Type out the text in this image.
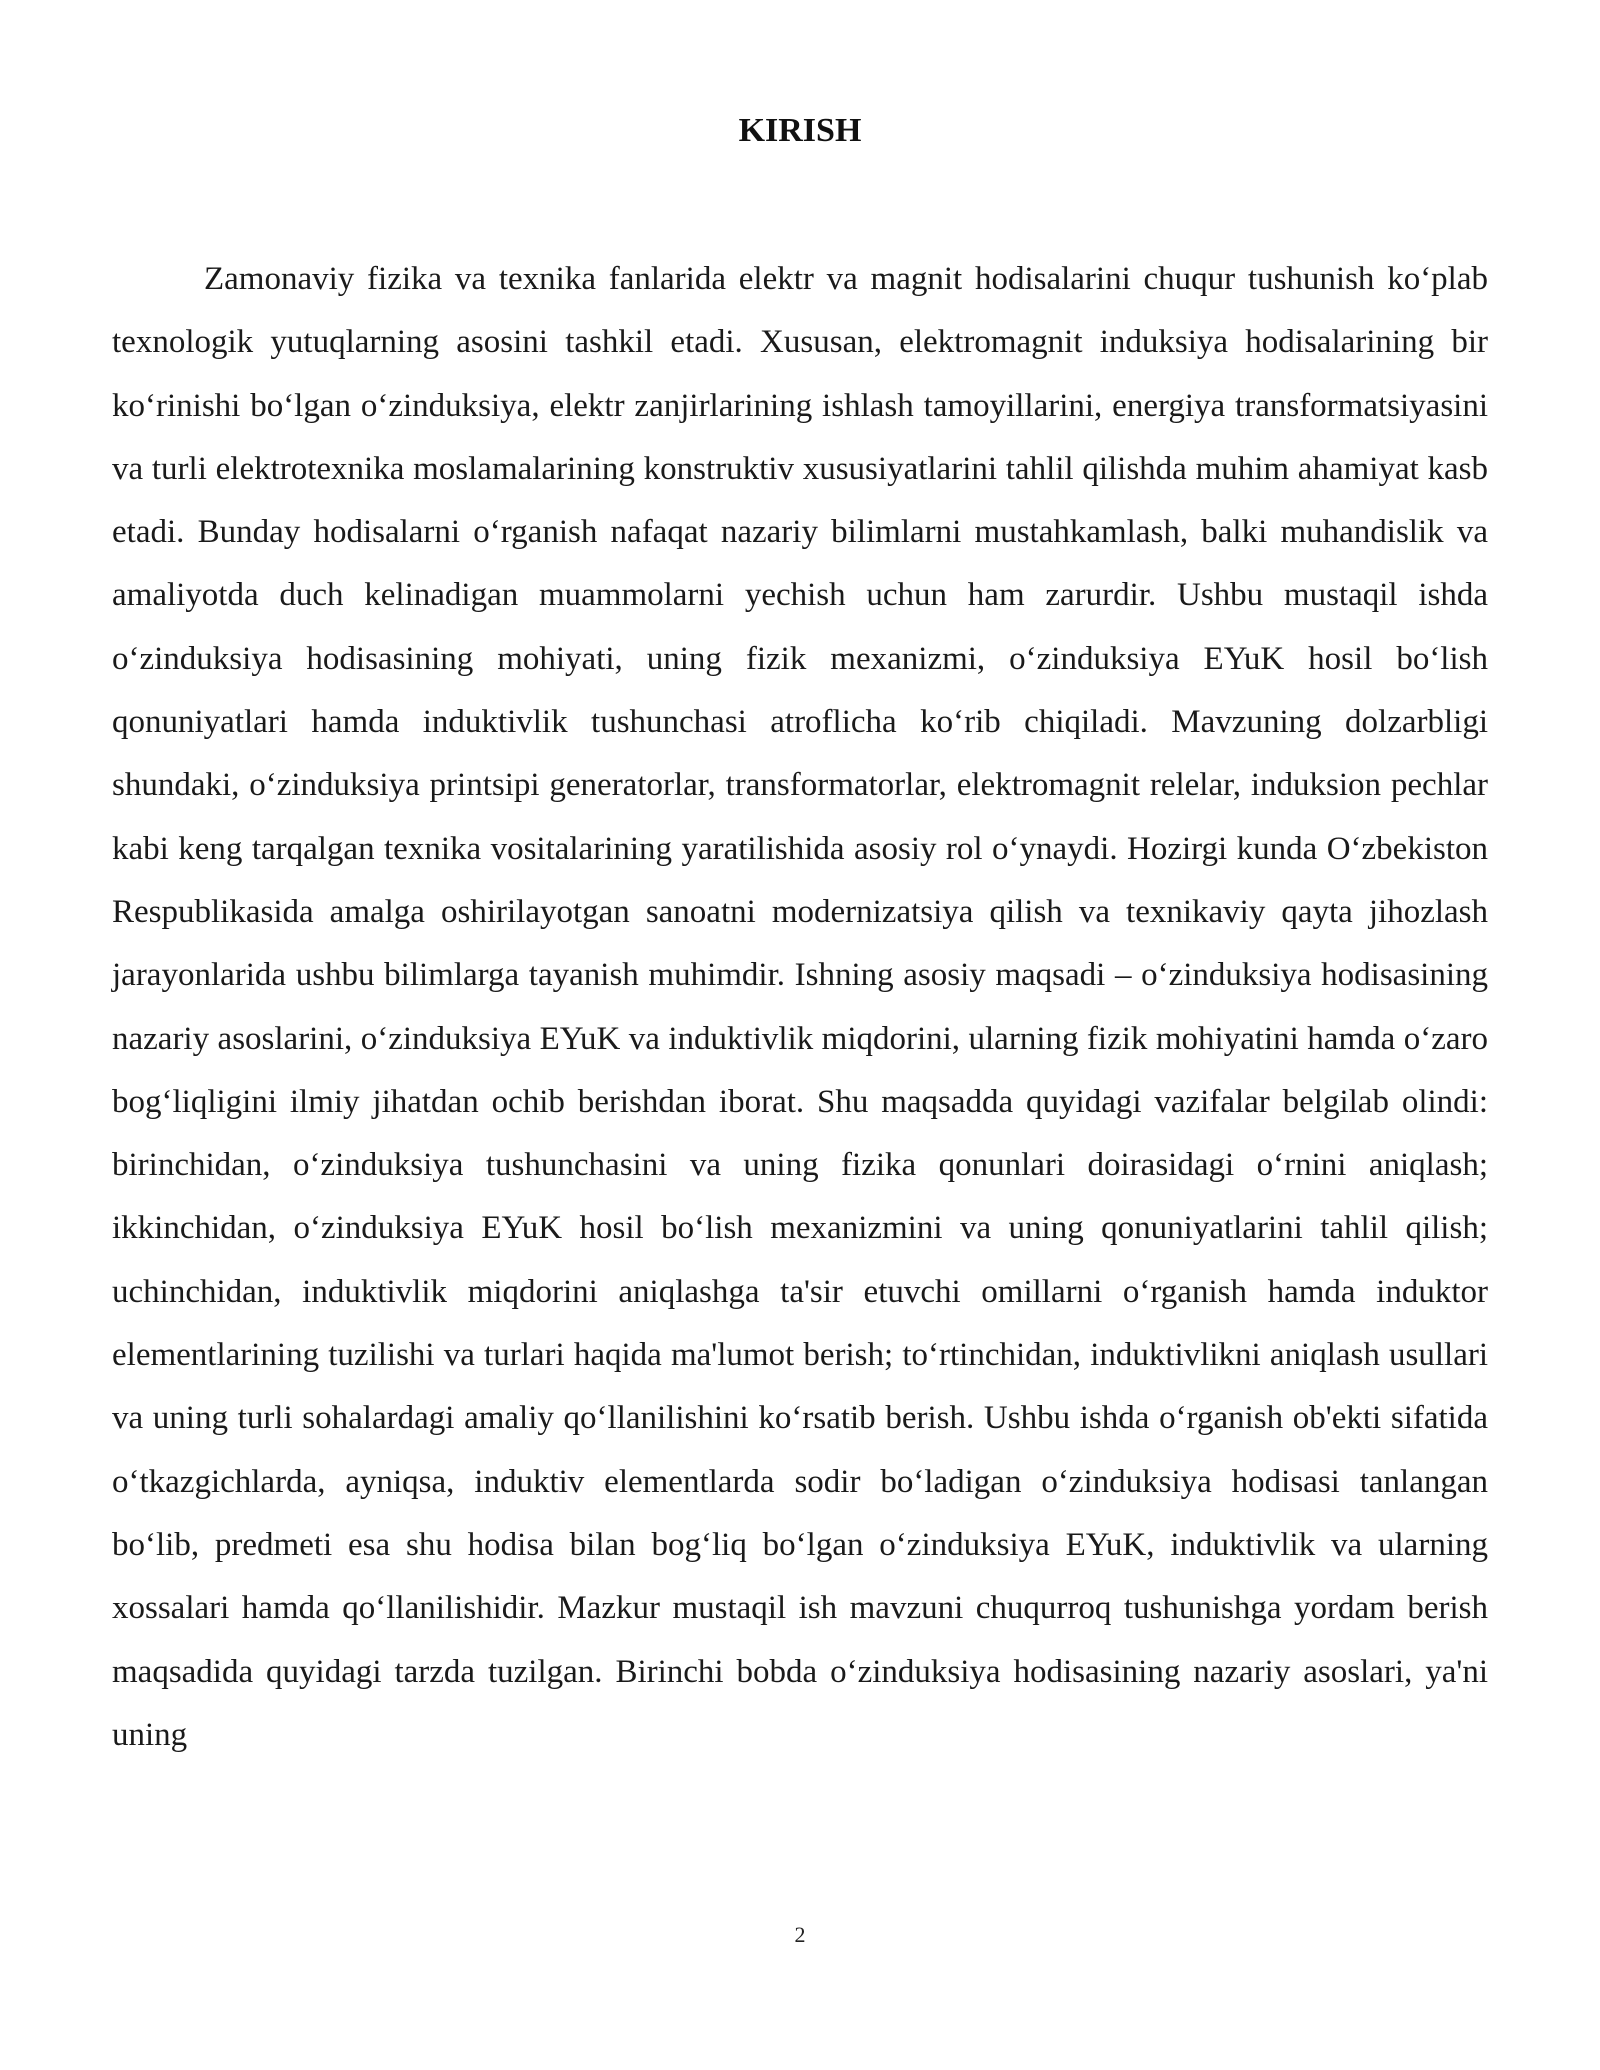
KIRISH

Zamonaviy fizika va texnika fanlarida elektr va magnit hodisalarini chuqur tushunish ko‘plab texnologik yutuqlarning asosini tashkil etadi. Xususan, elektromagnit induksiya hodisalarining bir ko‘rinishi bo‘lgan o‘zinduksiya, elektr zanjirlarining ishlash tamoyillarini, energiya transformatsiyasini va turli elektrotexnika moslamalarining konstruktiv xususiyatlarini tahlil qilishda muhim ahamiyat kasb etadi. Bunday hodisalarni o‘rganish nafaqat nazariy bilimlarni mustahkamlash, balki muhandislik va amaliyotda duch kelinadigan muammolarni yechish uchun ham zarurdir. Ushbu mustaqil ishda o‘zinduksiya hodisasining mohiyati, uning fizik mexanizmi, o‘zinduksiya EYuK hosil bo‘lish qonuniyatlari hamda induktivlik tushunchasi atroflicha ko‘rib chiqiladi. Mavzuning dolzarbligi shundaki, o‘zinduksiya printsipi generatorlar, transformatorlar, elektromagnit relelar, induksion pechlar kabi keng tarqalgan texnika vositalarining yaratilishida asosiy rol o‘ynaydi. Hozirgi kunda O‘zbekiston Respublikasida amalga oshirilayotgan sanoatni modernizatsiya qilish va texnikaviy qayta jihozlash jarayonlarida ushbu bilimlarga tayanish muhimdir. Ishning asosiy maqsadi – o‘zinduksiya hodisasining nazariy asoslarini, o‘zinduksiya EYuK va induktivlik miqdorini, ularning fizik mohiyatini hamda o‘zaro bog‘liqligini ilmiy jihatdan ochib berishdan iborat. Shu maqsadda quyidagi vazifalar belgilab olindi: birinchidan, o‘zinduksiya tushunchasini va uning fizika qonunlari doirasidagi o‘rnini aniqlash; ikkinchidan, o‘zinduksiya EYuK hosil bo‘lish mexanizmini va uning qonuniyatlarini tahlil qilish; uchinchidan, induktivlik miqdorini aniqlashga ta'sir etuvchi omillarni o‘rganish hamda induktor elementlarining tuzilishi va turlari haqida ma'lumot berish; to‘rtinchidan, induktivlikni aniqlash usullari va uning turli sohalardagi amaliy qo‘llanilishini ko‘rsatib berish. Ushbu ishda o‘rganish ob'ekti sifatida o‘tkazgichlarda, ayniqsa, induktiv elementlarda sodir bo‘ladigan o‘zinduksiya hodisasi tanlangan bo‘lib, predmeti esa shu hodisa bilan bog‘liq bo‘lgan o‘zinduksiya EYuK, induktivlik va ularning xossalari hamda qo‘llanilishidir. Mazkur mustaqil ish mavzuni chuqurroq tushunishga yordam berish maqsadida quyidagi tarzda tuzilgan. Birinchi bobda o‘zinduksiya hodisasining nazariy asoslari, ya'ni uning

2
